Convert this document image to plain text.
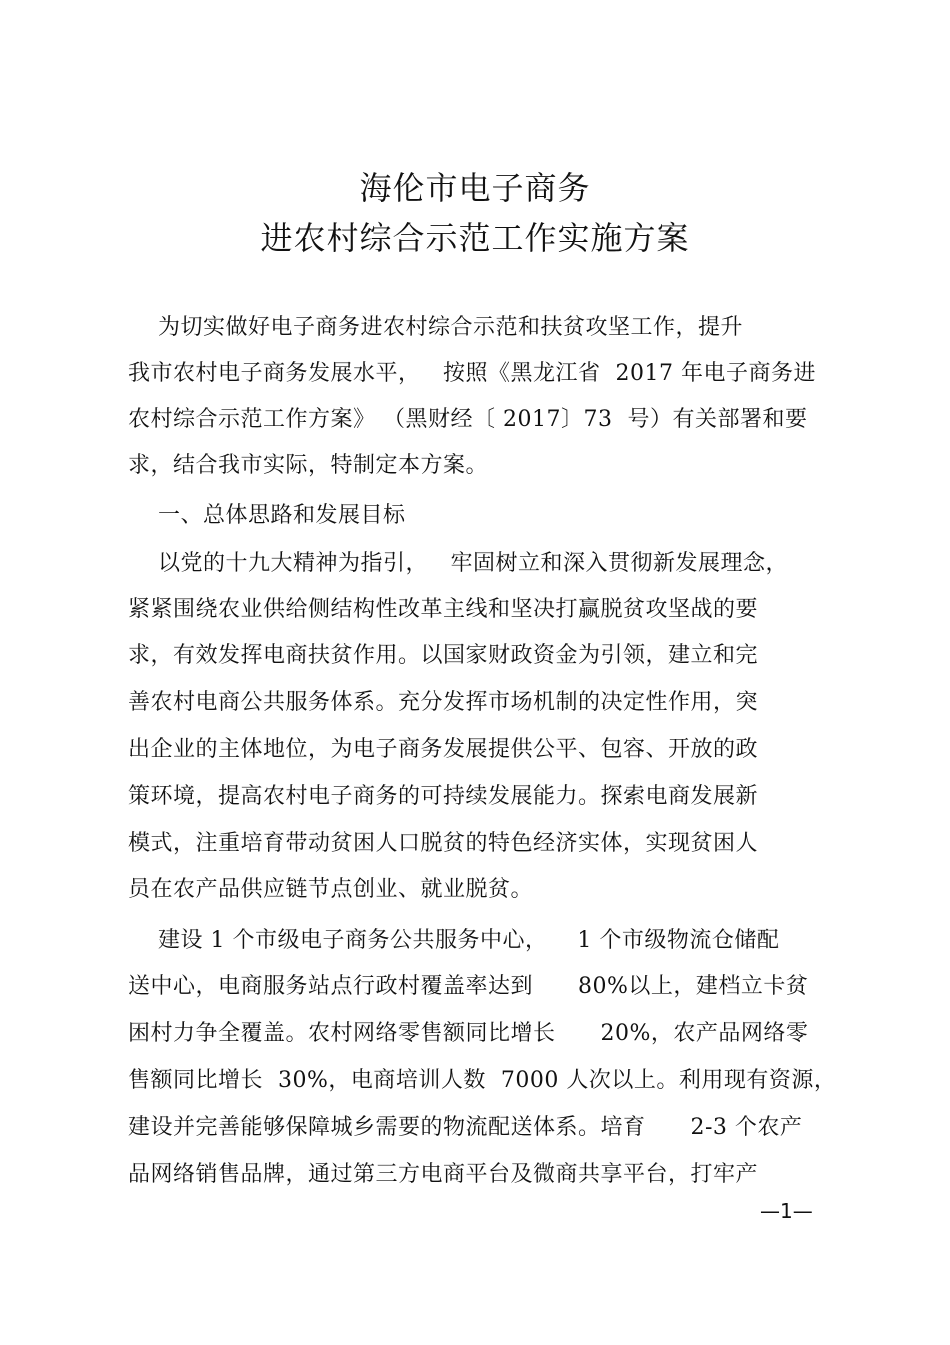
海伦市电子商务
进农村综合示范工作实施方案
为切实做好电子商务进农村综合示范和扶贫攻坚工作，提升
我市农村电子商务发展水平，   按照《黑龙江省  2017 年电子商务进
农村综合示范工作方案》 （黑财经〔 2017〕73  号）有关部署和要
求，结合我市实际，特制定本方案。
一、总体思路和发展目标
以党的十九大精神为指引，   牢固树立和深入贯彻新发展理念，
紧紧围绕农业供给侧结构性改革主线和坚决打赢脱贫攻坚战的要
求，有效发挥电商扶贫作用。以国家财政资金为引领，建立和完
善农村电商公共服务体系。充分发挥市场机制的决定性作用，突
出企业的主体地位，为电子商务发展提供公平、包容、开放的政
策环境，提高农村电子商务的可持续发展能力。探索电商发展新
模式，注重培育带动贫困人口脱贫的特色经济实体，实现贫困人
员在农产品供应链节点创业、就业脱贫。
建设 1 个市级电子商务公共服务中心，    1 个市级物流仓储配
送中心，电商服务站点行政村覆盖率达到      80%以上，建档立卡贫
困村力争全覆盖。农村网络零售额同比增长      20%，农产品网络零
售额同比增长  30%，电商培训人数  7000 人次以上。利用现有资源，
建设并完善能够保障城乡需要的物流配送体系。培育      2-3 个农产
品网络销售品牌，通过第三方电商平台及微商共享平台，打牢产
—1—
